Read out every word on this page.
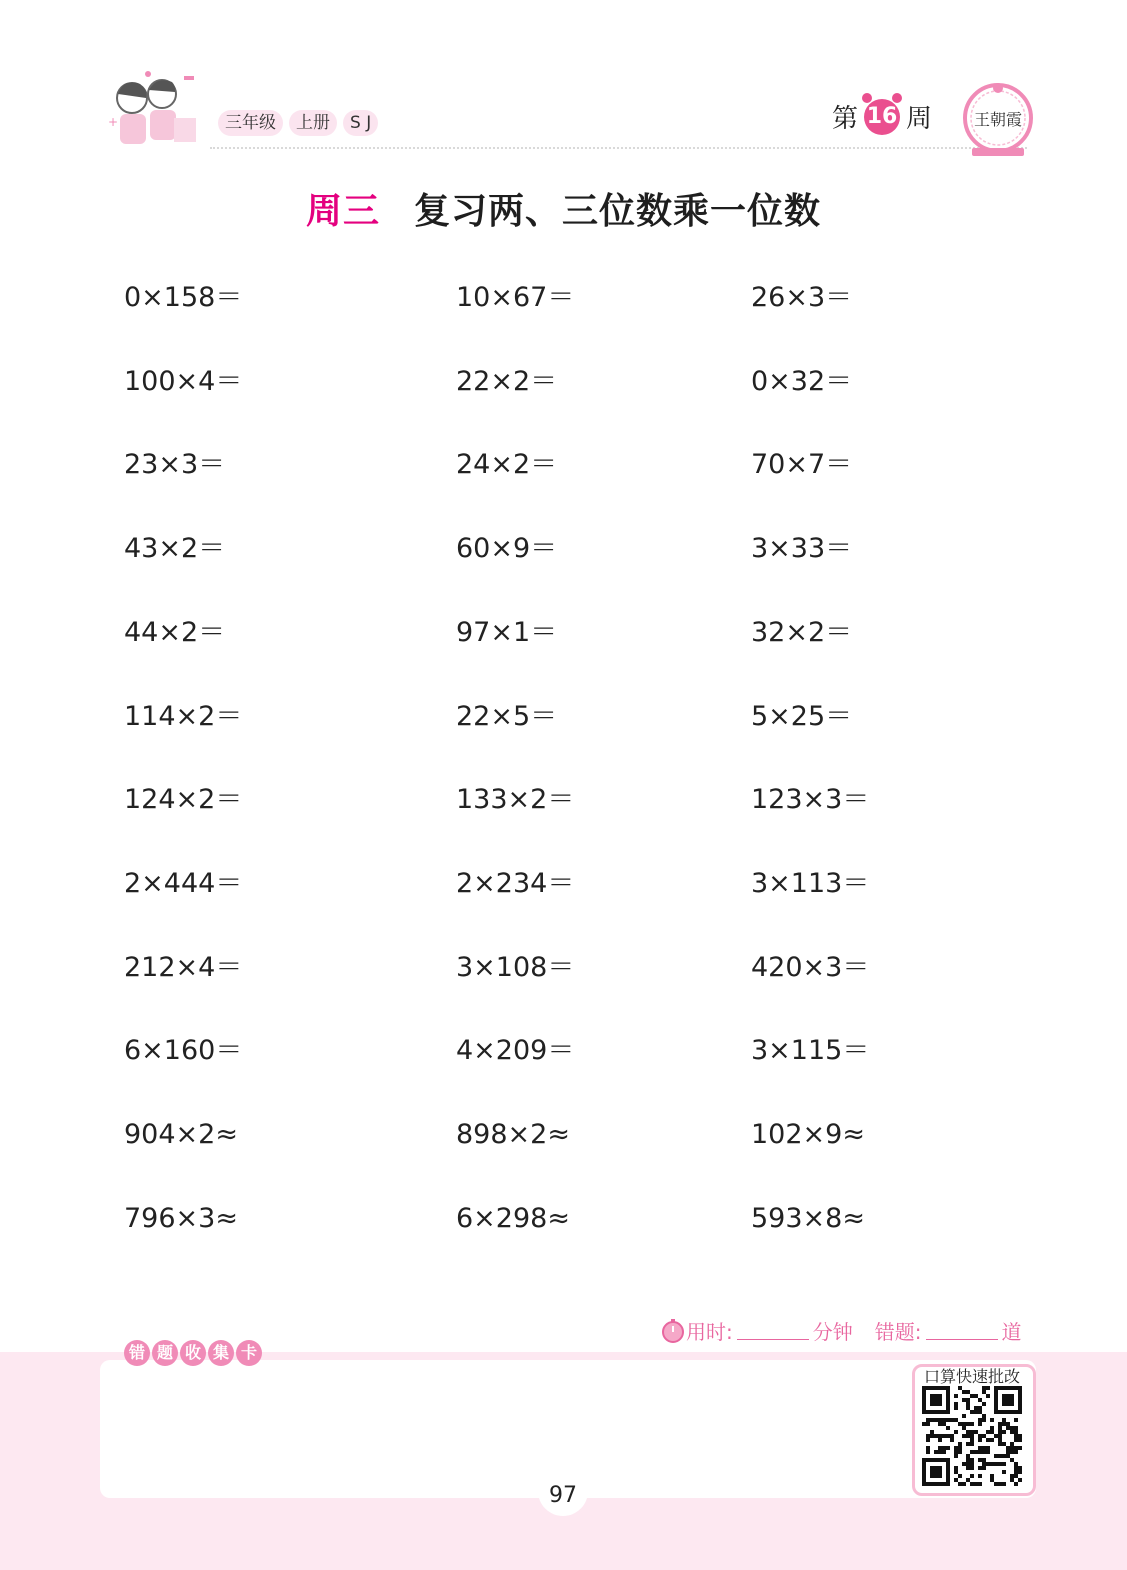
+	三年级	上册	S J	第 16 周	王朝霞
周三 复习两、三位数乘一位数
0×158＝	10×67＝	26×3＝
100×4＝	22×2＝	0×32＝
23×3＝	24×2＝	70×7＝
43×2＝	60×9＝	3×33＝
44×2＝	97×1＝	32×2＝
114×2＝	22×5＝	5×25＝
124×2＝	133×2＝	123×3＝
2×444＝	2×234＝	3×113＝
212×4＝	3×108＝	420×3＝
6×160＝	4×209＝	3×115＝
904×2≈	898×2≈	102×9≈
796×3≈	6×298≈	593×8≈
用时:	分钟 错题:	道
错 题 收 集 卡
口算快速批改
97
